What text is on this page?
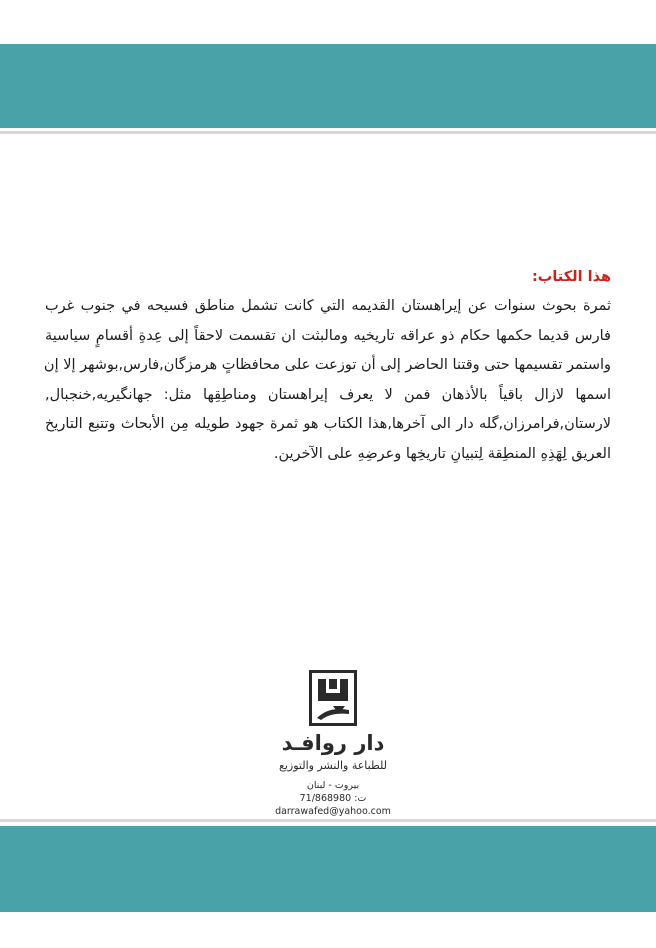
هذا الكتاب:
ثمرة بحوث سنوات عن إيراهستان القديمه التي كانت تشمل مناطق فسيحه في جنوب غرب
فارس قديما حكمها حكام ذو عراقه تاريخيه ومالبثت ان تقسمت لاحقاً إلى عِدةِ أقسامٍ سياسية
واستمر تقسيمها حتى وقتنا الحاضر إلى أن توزعت على محافظاتٍ هرمزگان,فارس,بوشهر إلا إن
اسمها لازال باقياً بالأذهان فمن لا يعرف إيراهستان ومناطِقِها مثل: جهانگيريه,خنجبال,
لارستان,فرامرزان,گله دار الى آخرها,هذا الكتاب هو ثمرة جهود طويله مِن الأبحاث وتتبع التاريخ
العريق لِهَذِهِ المنطِقة لِتبيانِ تاريخِها وعرضِهِ على الآخرين.
دار روافـد
للطباعة والنشر والتوزيع
بيروت - لبنان
ت: 71/868980
darrawafed@yahoo.com
